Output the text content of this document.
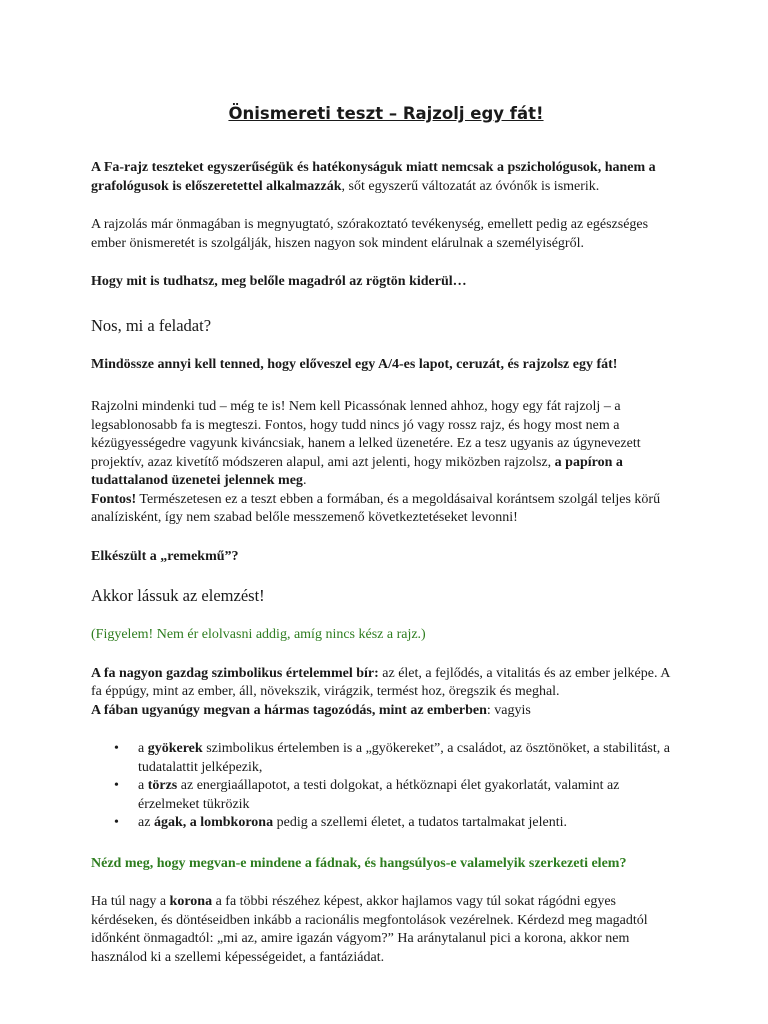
Önismereti teszt – Rajzolj egy fát!

A Fa-rajz teszteket egyszerűségük és hatékonyságuk miatt nemcsak a pszichológusok, hanem a grafológusok is előszeretettel alkalmazzák, sőt egyszerű változatát az óvónők is ismerik.

A rajzolás már önmagában is megnyugtató, szórakoztató tevékenység, emellett pedig az egészséges ember önismeretét is szolgálják, hiszen nagyon sok mindent elárulnak a személyiségről.

Hogy mit is tudhatsz, meg belőle magadról az rögtön kiderül…

Nos, mi a feladat?

Mindössze annyi kell tenned, hogy előveszel egy A/4-es lapot, ceruzát, és rajzolsz egy fát!

Rajzolni mindenki tud – még te is! Nem kell Picassónak lenned ahhoz, hogy egy fát rajzolj – a legsablonosabb fa is megteszi. Fontos, hogy tudd nincs jó vagy rossz rajz, és hogy most nem a kézügyességedre vagyunk kiváncsiak, hanem a lelked üzenetére. Ez a tesz ugyanis az úgynevezett projektív, azaz kivetítő módszeren alapul, ami azt jelenti, hogy miközben rajzolsz, a papíron a tudattalanod üzenetei jelennek meg.

Fontos! Természetesen ez a teszt ebben a formában, és a megoldásaival korántsem szolgál teljes körű analízisként, így nem szabad belőle messzemenő következtetéseket levonni!

Elkészült a „remekmű”?

Akkor lássuk az elemzést!

(Figyelem! Nem ér elolvasni addig, amíg nincs kész a rajz.)

A fa nagyon gazdag szimbolikus értelemmel bír: az élet, a fejlődés, a vitalitás és az ember jelképe. A fa éppúgy, mint az ember, áll, növekszik, virágzik, termést hoz, öregszik és meghal.

A fában ugyanúgy megvan a hármas tagozódás, mint az emberben: vagyis

• a gyökerek szimbolikus értelemben is a „gyökereket”, a családot, az ösztönöket, a stabilitást, a tudatalattit jelképezik,
• a törzs az energiaállapotot, a testi dolgokat, a hétköznapi élet gyakorlatát, valamint az érzelmeket tükrözik
• az ágak, a lombkorona pedig a szellemi életet, a tudatos tartalmakat jelenti.

Nézd meg, hogy megvan-e mindene a fádnak, és hangsúlyos-e valamelyik szerkezeti elem?

Ha túl nagy a korona a fa többi részéhez képest, akkor hajlamos vagy túl sokat rágódni egyes kérdéseken, és döntéseidben inkább a racionális megfontolások vezérelnek. Kérdezd meg magadtól időnként önmagadtól: „mi az, amire igazán vágyom?” Ha aránytalanul pici a korona, akkor nem használod ki a szellemi képességeidet, a fantáziádat.
